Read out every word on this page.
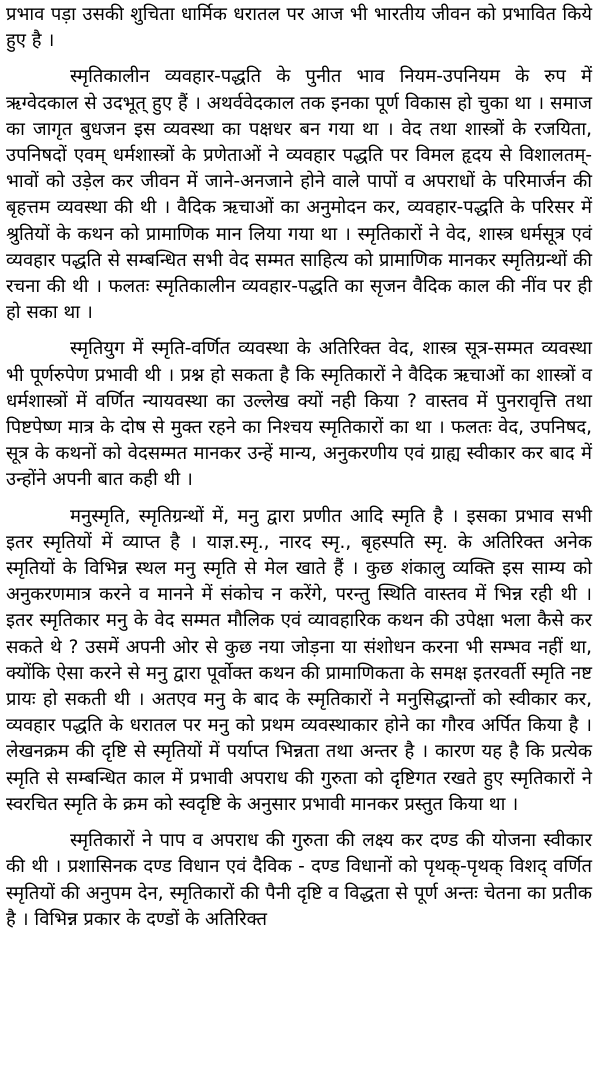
प्रभाव पड़ा उसकी शुचिता धार्मिक धरातल पर आज भी भारतीय जीवन को प्रभावित किये हुए है ।

स्मृतिकालीन व्यवहार-पद्धति के पुनीत भाव नियम-उपनियम के रुप में ऋग्वेदकाल से उदभूत् हुए हैं । अथर्ववेदकाल तक इनका पूर्ण विकास हो चुका था । समाज का जागृत बुधजन इस व्यवस्था का पक्षधर बन गया था । वेद तथा शास्त्रों के रजयिता, उपनिषदों एवम् धर्मशास्त्रों के प्रणेताओं ने व्यवहार पद्धति पर विमल हृदय से विशालतम्-भावों को उड़ेल कर जीवन में जाने-अनजाने होने वाले पापों व अपराधों के परिमार्जन की बृहत्तम व्यवस्था की थी । वैदिक ऋचाओं का अनुमोदन कर, व्यवहार-पद्धति के परिसर में श्रुतियों के कथन को प्रामाणिक मान लिया गया था । स्मृतिकारों ने वेद, शास्त्र धर्मसूत्र एवं व्यवहार पद्धति से सम्बन्धित सभी वेद सम्मत साहित्य को प्रामाणिक मानकर स्मृतिग्रन्थों की रचना की थी । फलतः स्मृतिकालीन व्यवहार-पद्धति का सृजन वैदिक काल की नींव पर ही हो सका था ।

स्मृतियुग में स्मृति-वर्णित व्यवस्था के अतिरिक्त वेद, शास्त्र सूत्र-सम्मत व्यवस्था भी पूर्णरुपेण प्रभावी थी । प्रश्न हो सकता है कि स्मृतिकारों ने वैदिक ऋचाओं का शास्त्रों व धर्मशास्त्रों में वर्णित न्यायवस्था का उल्लेख क्यों नही किया ? वास्तव में पुनरावृत्ति तथा पिष्टपेष्ण मात्र के दोष से मुक्त रहने का निश्चय स्मृतिकारों का था । फलतः वेद, उपनिषद, सूत्र के कथनों को वेदसम्मत मानकर उन्हें मान्य, अनुकरणीय एवं ग्राह्य स्वीकार कर बाद में उन्होंने अपनी बात कही थी ।

मनुस्मृति, स्मृतिग्रन्थों में, मनु द्वारा प्रणीत आदि स्मृति है । इसका प्रभाव सभी इतर स्मृतियों में व्याप्त है । याज्ञ.स्मृ., नारद स्मृ., बृहस्पति स्मृ. के अतिरिक्त अनेक स्मृतियों के विभिन्न स्थल मनु स्मृति से मेल खाते हैं । कुछ शंकालु व्यक्ति इस साम्य को अनुकरणमात्र करने व मानने में संकोच न करेंगे, परन्तु स्थिति वास्तव में भिन्न रही थी । इतर स्मृतिकार मनु के वेद सम्मत मौलिक एवं व्यावहारिक कथन की उपेक्षा भला कैसे कर सकते थे ? उसमें अपनी ओर से कुछ नया जोड़ना या संशोधन करना भी सम्भव नहीं था, क्योंकि ऐसा करने से मनु द्वारा पूर्वोक्त कथन की प्रामाणिकता के समक्ष इतरवर्ती स्मृति नष्ट प्रायः हो सकती थी । अतएव मनु के बाद के स्मृतिकारों ने मनुसिद्धान्तों को स्वीकार कर, व्यवहार पद्धति के धरातल पर मनु को प्रथम व्यवस्थाकार होने का गौरव अर्पित किया है । लेखनक्रम की दृष्टि से स्मृतियों में पर्याप्त भिन्नता तथा अन्तर है । कारण यह है कि प्रत्येक स्मृति से सम्बन्धित काल में प्रभावी अपराध की गुरुता को दृष्टिगत रखते हुए स्मृतिकारों ने स्वरचित स्मृति के क्रम को स्वदृष्टि के अनुसार प्रभावी मानकर प्रस्तुत किया था ।

स्मृतिकारों ने पाप व अपराध की गुरुता की लक्ष्य कर दण्ड की योजना स्वीकार की थी । प्रशासिनक दण्ड विधान एवं दैविक - दण्ड विधानों को पृथक्-पृथक् विशद् वर्णित स्मृतियों की अनुपम देन, स्मृतिकारों की पैनी दृष्टि व विद्धता से पूर्ण अन्तः चेतना का प्रतीक है । विभिन्न प्रकार के दण्डों के अतिरिक्त
